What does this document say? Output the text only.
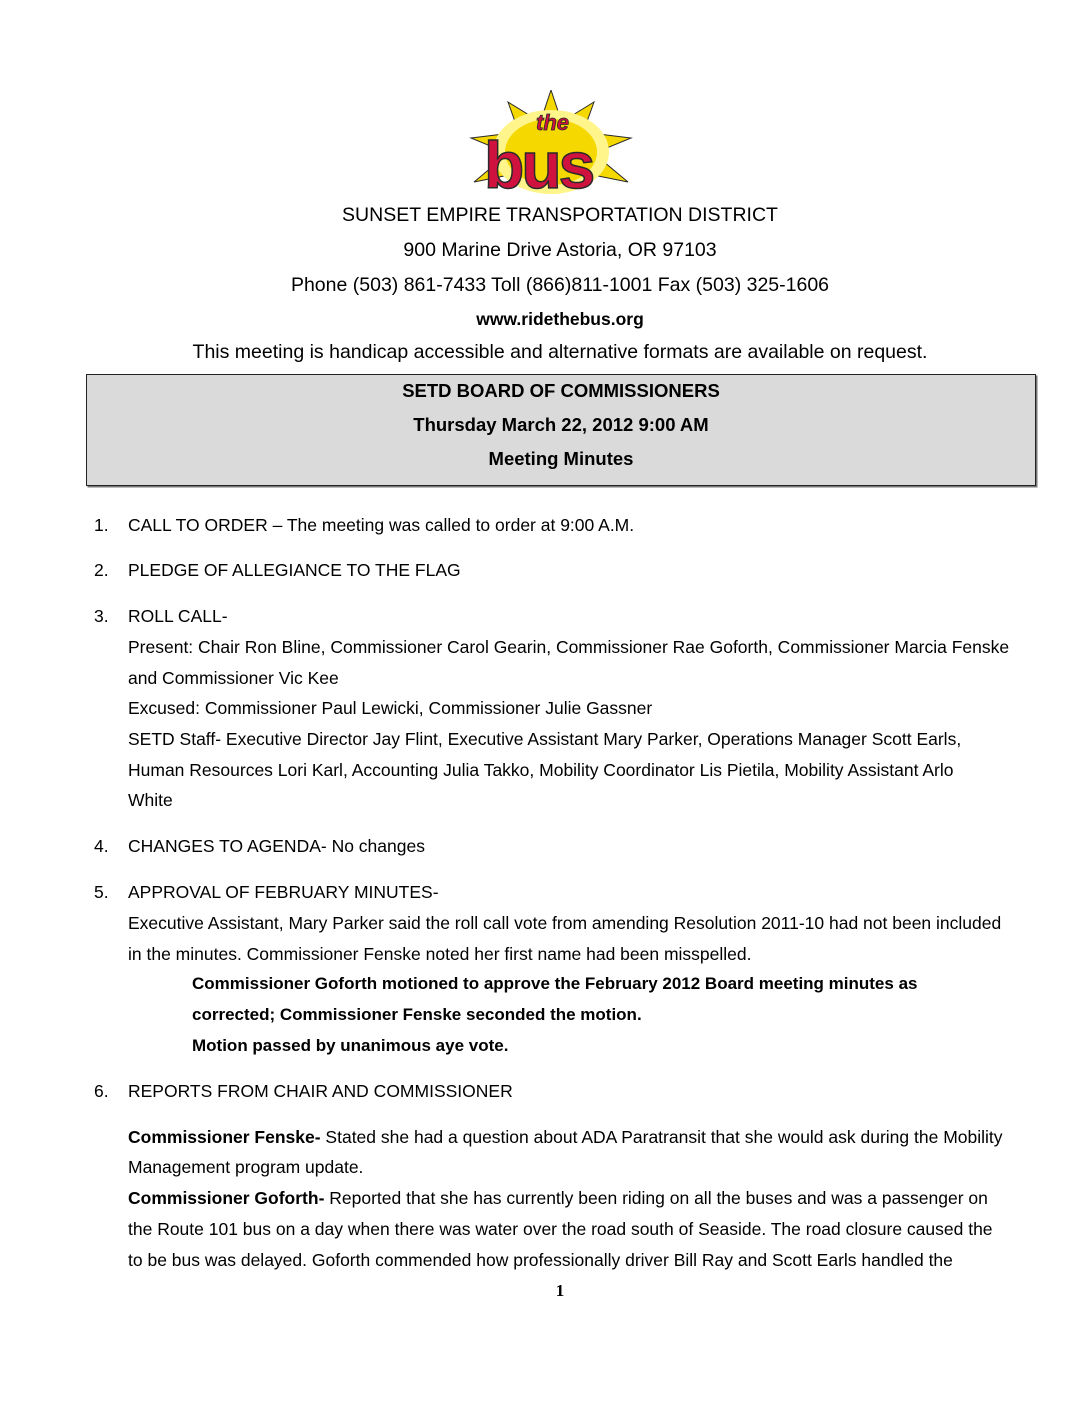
the
bus
SUNSET EMPIRE TRANSPORTATION DISTRICT
900 Marine Drive Astoria, OR 97103
Phone (503) 861-7433 Toll (866)811-1001 Fax (503) 325-1606
www.ridethebus.org
This meeting is handicap accessible and alternative formats are available on request.
SETD BOARD OF COMMISSIONERS
Thursday March 22, 2012 9:00 AM
Meeting Minutes
1. CALL TO ORDER – The meeting was called to order at 9:00 A.M.
2. PLEDGE OF ALLEGIANCE TO THE FLAG
3. ROLL CALL-
Present: Chair Ron Bline, Commissioner Carol Gearin, Commissioner Rae Goforth, Commissioner Marcia Fenske
and Commissioner Vic Kee
Excused: Commissioner Paul Lewicki, Commissioner Julie Gassner
SETD Staff- Executive Director Jay Flint, Executive Assistant Mary Parker, Operations Manager Scott Earls,
Human Resources Lori Karl, Accounting Julia Takko, Mobility Coordinator Lis Pietila, Mobility Assistant Arlo
White
4. CHANGES TO AGENDA- No changes
5. APPROVAL OF FEBRUARY MINUTES-
Executive Assistant, Mary Parker said the roll call vote from amending Resolution 2011-10 had not been included
in the minutes. Commissioner Fenske noted her first name had been misspelled.
Commissioner Goforth motioned to approve the February 2012 Board meeting minutes as
corrected; Commissioner Fenske seconded the motion.
Motion passed by unanimous aye vote.
6. REPORTS FROM CHAIR AND COMMISSIONER
Commissioner Fenske- Stated she had a question about ADA Paratransit that she would ask during the Mobility
Management program update.
Commissioner Goforth- Reported that she has currently been riding on all the buses and was a passenger on
the Route 101 bus on a day when there was water over the road south of Seaside. The road closure caused the
to be bus was delayed. Goforth commended how professionally driver Bill Ray and Scott Earls handled the
1
